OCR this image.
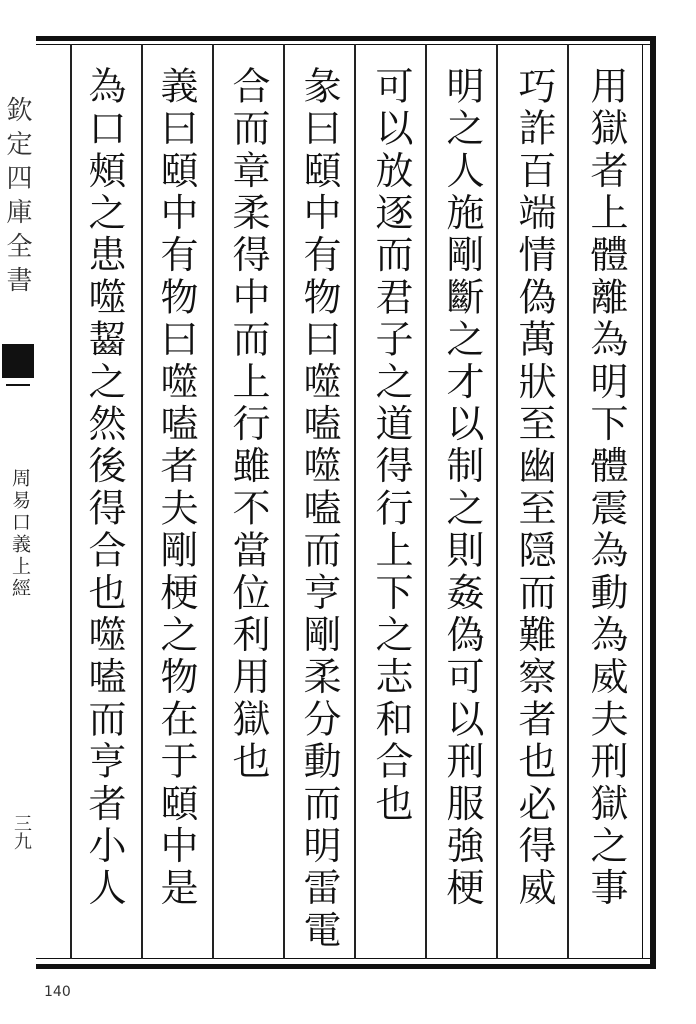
用獄者上體離為明下體震為動為威夫刑獄之事
巧詐百端情偽萬狀至幽至隠而難察者也必得威
明之人施剛斷之才以制之則姦偽可以刑服強梗
可以放逐而君子之道得行上下之志和合也
彖曰頤中有物曰噬嗑噬嗑而亨剛柔分動而明雷電
合而章柔得中而上行雖不當位利用獄也
義曰頤中有物曰噬嗑者夫剛梗之物在于頤中是
為口頰之患噬齧之然後得合也噬嗑而亨者小人
欽定四庫全書
周易口義上經
三九
140
